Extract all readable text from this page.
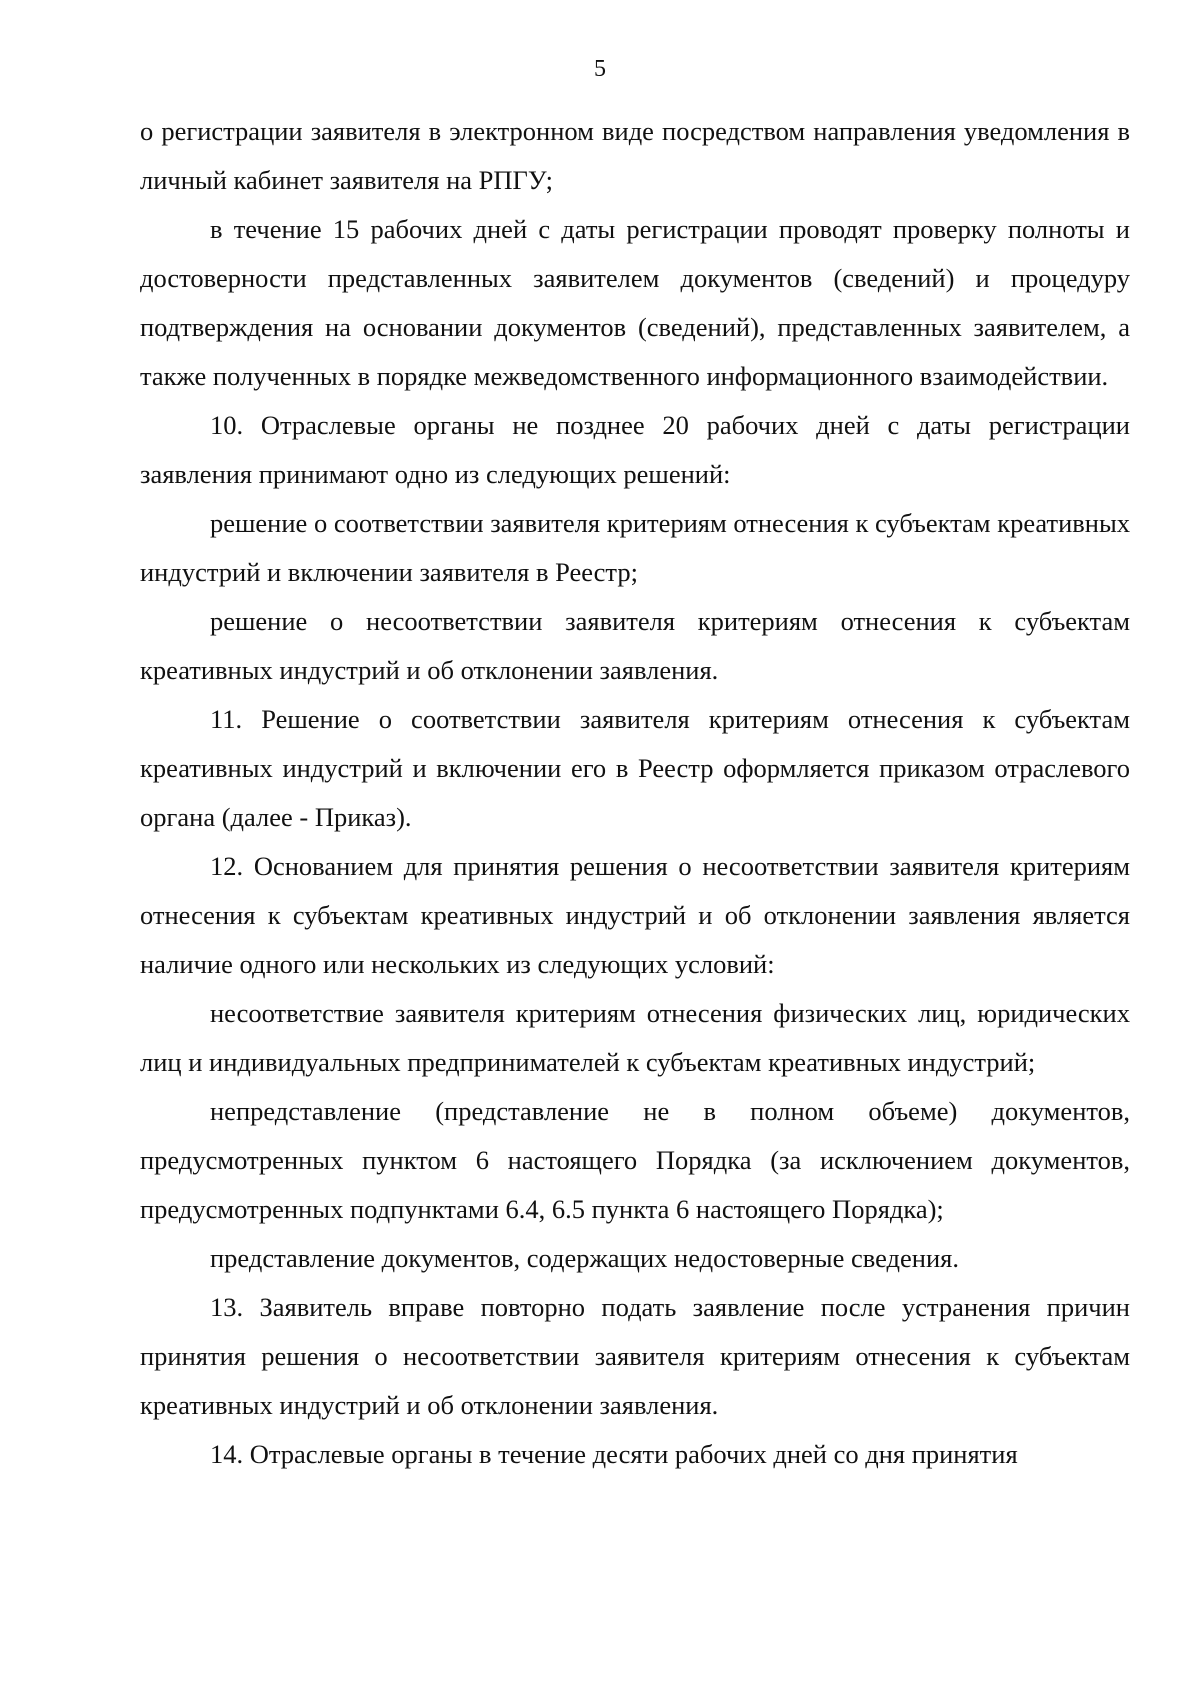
5

о регистрации заявителя в электронном виде посредством направления уведомления в личный кабинет заявителя на РПГУ;

в течение 15 рабочих дней с даты регистрации проводят проверку полноты и достоверности представленных заявителем документов (сведений) и процедуру подтверждения на основании документов (сведений), представленных заявителем, а также полученных в порядке межведомственного информационного взаимодействии.

10. Отраслевые органы не позднее 20 рабочих дней с даты регистрации заявления принимают одно из следующих решений:

решение о соответствии заявителя критериям отнесения к субъектам креативных индустрий и включении заявителя в Реестр;

решение о несоответствии заявителя критериям отнесения к субъектам креативных индустрий и об отклонении заявления.

11. Решение о соответствии заявителя критериям отнесения к субъектам креативных индустрий и включении его в Реестр оформляется приказом отраслевого органа (далее - Приказ).

12. Основанием для принятия решения о несоответствии заявителя критериям отнесения к субъектам креативных индустрий и об отклонении заявления является наличие одного или нескольких из следующих условий:

несоответствие заявителя критериям отнесения физических лиц, юридических лиц и индивидуальных предпринимателей к субъектам креативных индустрий;

непредставление (представление не в полном объеме) документов, предусмотренных пунктом 6 настоящего Порядка (за исключением документов, предусмотренных подпунктами 6.4, 6.5 пункта 6 настоящего Порядка);

представление документов, содержащих недостоверные сведения.

13. Заявитель вправе повторно подать заявление после устранения причин принятия решения о несоответствии заявителя критериям отнесения к субъектам креативных индустрий и об отклонении заявления.

14. Отраслевые органы в течение десяти рабочих дней со дня принятия
